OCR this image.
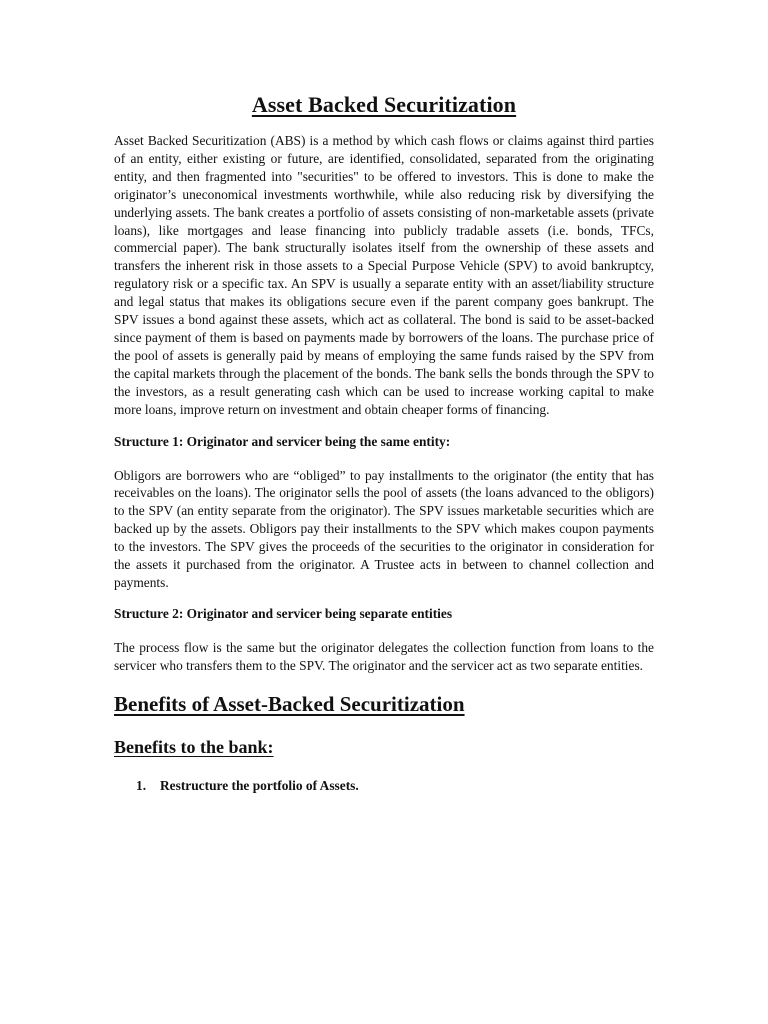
Asset Backed Securitization

Asset Backed Securitization (ABS) is a method by which cash flows or claims against third parties of an entity, either existing or future, are identified, consolidated, separated from the originating entity, and then fragmented into "securities" to be offered to investors. This is done to make the originator’s uneconomical investments worthwhile, while also reducing risk by diversifying the underlying assets. The bank creates a portfolio of assets consisting of non-marketable assets (private loans), like mortgages and lease financing into publicly tradable assets (i.e. bonds, TFCs, commercial paper). The bank structurally isolates itself from the ownership of these assets and transfers the inherent risk in those assets to a Special Purpose Vehicle (SPV) to avoid bankruptcy, regulatory risk or a specific tax. An SPV is usually a separate entity with an asset/liability structure and legal status that makes its obligations secure even if the parent company goes bankrupt. The SPV issues a bond against these assets, which act as collateral. The bond is said to be asset-backed since payment of them is based on payments made by borrowers of the loans. The purchase price of the pool of assets is generally paid by means of employing the same funds raised by the SPV from the capital markets through the placement of the bonds. The bank sells the bonds through the SPV to the investors, as a result generating cash which can be used to increase working capital to make more loans, improve return on investment and obtain cheaper forms of financing.

Structure 1: Originator and servicer being the same entity:

Obligors are borrowers who are “obliged” to pay installments to the originator (the entity that has receivables on the loans). The originator sells the pool of assets (the loans advanced to the obligors) to the SPV (an entity separate from the originator). The SPV issues marketable securities which are backed up by the assets. Obligors pay their installments to the SPV which makes coupon payments to the investors. The SPV gives the proceeds of the securities to the originator in consideration for the assets it purchased from the originator. A Trustee acts in between to channel collection and payments.

Structure 2: Originator and servicer being separate entities

The process flow is the same but the originator delegates the collection function from loans to the servicer who transfers them to the SPV. The originator and the servicer act as two separate entities.

Benefits of Asset-Backed Securitization
Benefits to the bank:
1.	Restructure the portfolio of Assets.
